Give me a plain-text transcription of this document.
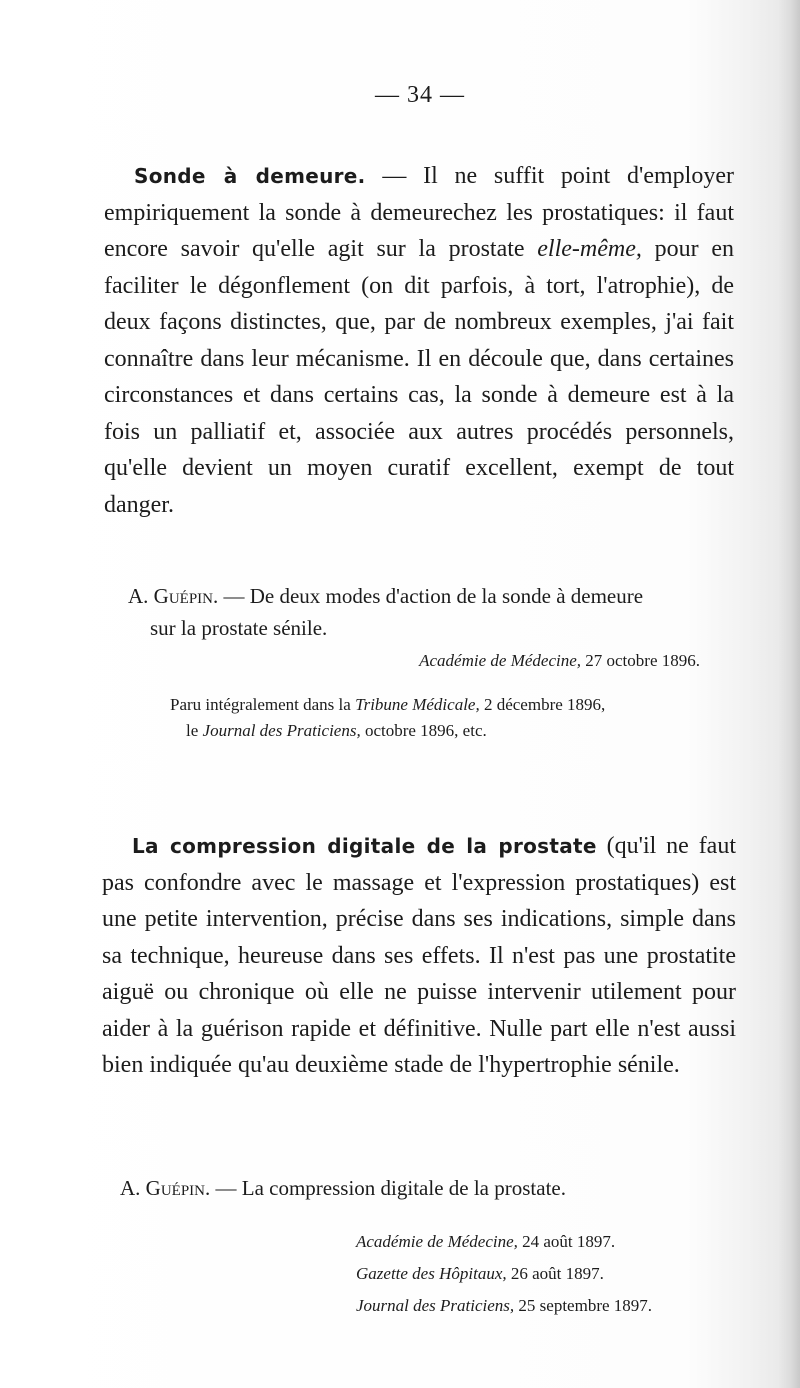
— 34 —

Sonde à demeure. — Il ne suffit point d'employer empiriquement la sonde à demeurechez les prostatiques: il faut encore savoir qu'elle agit sur la prostate elle-même, pour en faciliter le dégonflement (on dit parfois, à tort, l'atrophie), de deux façons distinctes, que, par de nombreux exemples, j'ai fait connaître dans leur mécanisme. Il en découle que, dans certaines circonstances et dans certains cas, la sonde à demeure est à la fois un palliatif et, associée aux autres procédés personnels, qu'elle devient un moyen curatif excellent, exempt de tout danger.

A. Guépin. — De deux modes d'action de la sonde à demeure
sur la prostate sénile.
Académie de Médecine, 27 octobre 1896.
Paru intégralement dans la Tribune Médicale, 2 décembre 1896,
le Journal des Praticiens, octobre 1896, etc.

La compression digitale de la prostate (qu'il ne faut pas confondre avec le massage et l'expression prostatiques) est une petite intervention, précise dans ses indications, simple dans sa technique, heureuse dans ses effets. Il n'est pas une prostatite aiguë ou chronique où elle ne puisse intervenir utilement pour aider à la guérison rapide et définitive. Nulle part elle n'est aussi bien indiquée qu'au deuxième stade de l'hypertrophie sénile.

A. Guépin. — La compression digitale de la prostate.
Académie de Médecine, 24 août 1897.
Gazette des Hôpitaux, 26 août 1897.
Journal des Praticiens, 25 septembre 1897.
